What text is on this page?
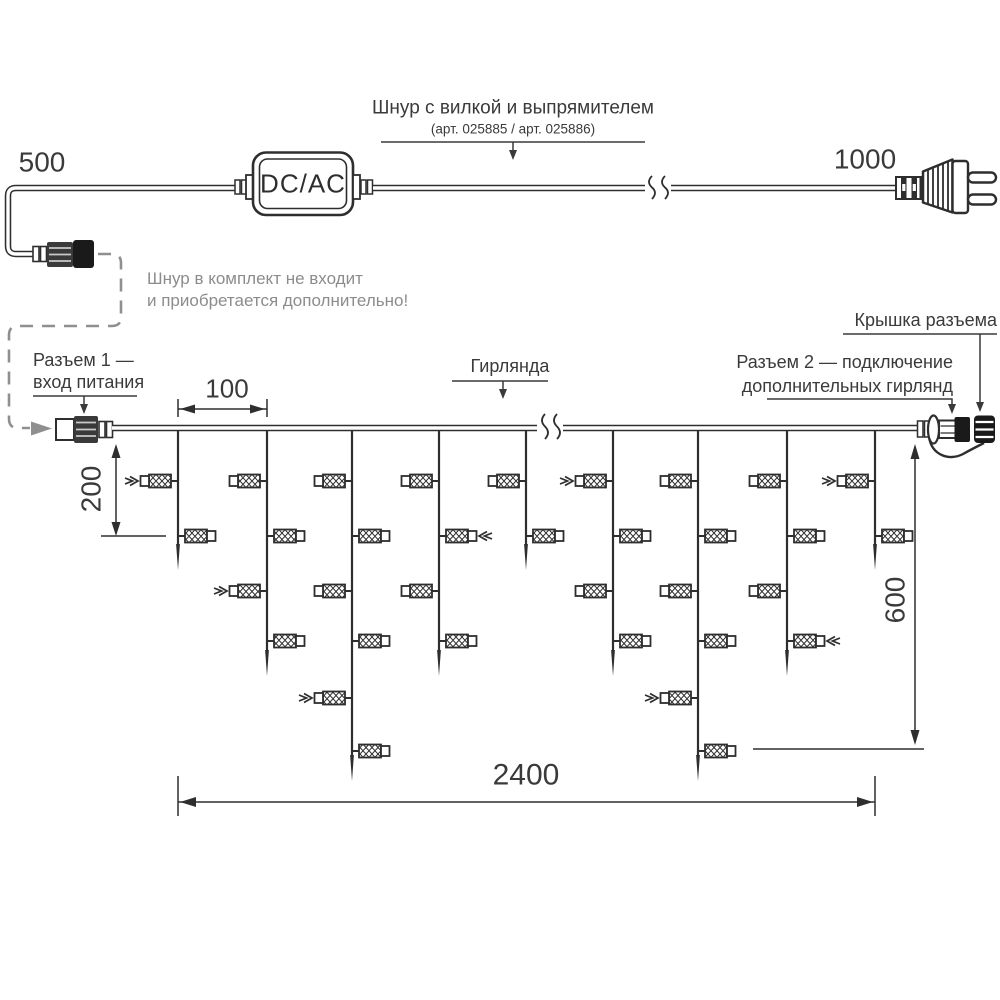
500	1000
Шнур с вилкой и выпрямителем
(арт. 025885 / арт. 025886)
DC/AC
Шнур в комплект не входит
и приобретается дополнительно!
Разъем 1 —
вход питания
Гирлянда
Крышка разъема
Разъем 2 — подключение
дополнительных гирлянд
100
200
600
2400
